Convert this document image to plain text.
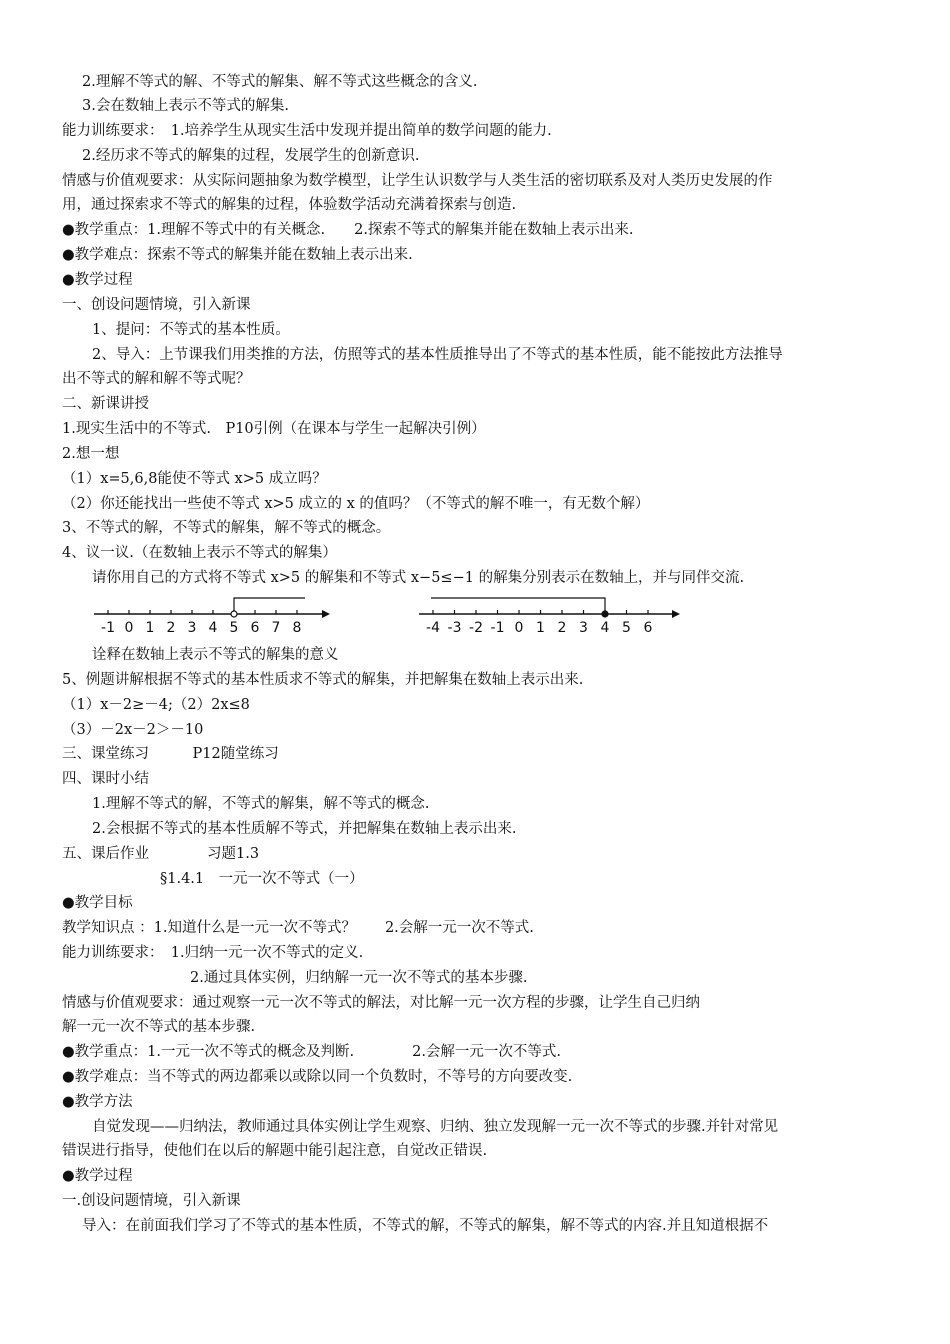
2.理解不等式的解、不等式的解集、解不等式这些概念的含义.
3.会在数轴上表示不等式的解集.
能力训练要求：　1.培养学生从现实生活中发现并提出简单的数学问题的能力.
2.经历求不等式的解集的过程，发展学生的创新意识.
情感与价值观要求：从实际问题抽象为数学模型，让学生认识数学与人类生活的密切联系及对人类历史发展的作
用，通过探索求不等式的解集的过程，体验数学活动充满着探索与创造.
●教学重点：1.理解不等式中的有关概念.　　2.探索不等式的解集并能在数轴上表示出来.
●教学难点：探索不等式的解集并能在数轴上表示出来.
●教学过程
一、创设问题情境，引入新课
1、提问：不等式的基本性质。
2、导入：上节课我们用类推的方法，仿照等式的基本性质推导出了不等式的基本性质，能不能按此方法推导
出不等式的解和解不等式呢？
二、新课讲授
1.现实生活中的不等式.　P10引例（在课本与学生一起解决引例）
2.想一想
（1）x=5,6,8能使不等式 x>5 成立吗？
（2）你还能找出一些使不等式 x>5 成立的 x 的值吗？（不等式的解不唯一，有无数个解）
3、不等式的解，不等式的解集，解不等式的概念。
4、议一议.（在数轴上表示不等式的解集）
请你用自己的方式将不等式 x>5 的解集和不等式 x−5≤−1 的解集分别表示在数轴上，并与同伴交流.
-1 0 1 2 3 4 5 6 7 8	-4 -3 -2 -1 0 1 2 3 4 5 6
诠释在数轴上表示不等式的解集的意义
5、例题讲解根据不等式的基本性质求不等式的解集，并把解集在数轴上表示出来.
（1）x－2≥－4;（2）2x≤8
（3）－2x－2＞－10
三、课堂练习　　　P12随堂练习
四、课时小结
1.理解不等式的解，不等式的解集，解不等式的概念.
2.会根据不等式的基本性质解不等式，并把解集在数轴上表示出来.
五、课后作业　　　　习题1.3
§1.4.1　一元一次不等式（一）
●教学目标
教学知识点 ：1.知道什么是一元一次不等式？　　2.会解一元一次不等式.
能力训练要求：　1.归纳一元一次不等式的定义.
2.通过具体实例，归纳解一元一次不等式的基本步骤.
情感与价值观要求：通过观察一元一次不等式的解法，对比解一元一次方程的步骤，让学生自己归纳
解一元一次不等式的基本步骤.
●教学重点：1.一元一次不等式的概念及判断.　　　　2.会解一元一次不等式.
●教学难点：当不等式的两边都乘以或除以同一个负数时，不等号的方向要改变.
●教学方法
自觉发现——归纳法，教师通过具体实例让学生观察、归纳、独立发现解一元一次不等式的步骤.并针对常见
错误进行指导，使他们在以后的解题中能引起注意，自觉改正错误.
●教学过程
一.创设问题情境，引入新课
导入：在前面我们学习了不等式的基本性质，不等式的解，不等式的解集，解不等式的内容.并且知道根据不
